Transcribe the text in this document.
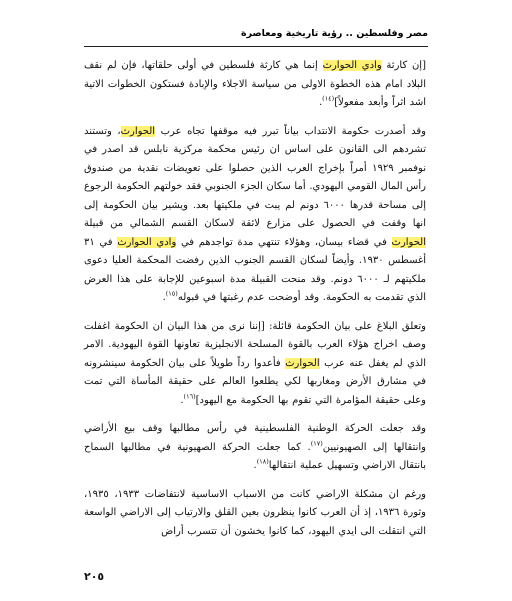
مصر وفلسطين .. رؤية تاريخية ومعاصرة

[إن كارثة وادي الحوارث إنما هي كارثة فلسطين في أولى حلقاتها، فإن لم نقف البلاد امام هذه الخطوة الاولى من سياسة الاجلاء والإبادة فستكون الخطوات الاتية اشد اثراً وأبعد مفعولاً]$^{(١٤)}$.

وقد أصدرت حكومة الانتداب بياناً تبرر فيه موقفها تجاه عرب الحوارث، وتستند تشردهم الى القانون على اساس ان رئيس محكمة مركزية نابلس قد اصدر في نوفمبر ١٩٢٩ أمراً بإخراج العرب الذين حصلوا على تعويضات نقدية من صندوق رأس المال القومي اليهودي. أما سكان الجزء الجنوبي فقد خولتهم الحكومة الرجوع إلى مساحة قدرها ٦٠٠٠ دونم لم يبت في ملكيتها بعد. ويشير بيان الحكومة إلى انها وقفت في الحصول على مزارع لائقة لاسكان القسم الشمالي من قبيلة الحوارث في قضاء بيسان، وهؤلاء تنتهي مدة تواجدهم في وادي الحوارث في ٣١ أغسطس ١٩٣٠. وأيضاً لسكان القسم الجنوب الذين رفضت المحكمة العليا دعوى ملكيتهم لـ ٦٠٠٠ دونم. وقد منحت القبيلة مدة اسبوعين للإجابة على هذا العرض الذي تقدمت به الحكومة. وقد أوضحت عدم رغبتها في قبوله$^{(١٥)}$.

وتعلق البلاغ على بيان الحكومة قائلة: [إننا نرى من هذا البيان ان الحكومة اغفلت وصف اخراج هؤلاء العرب بالقوة المسلحة الانجليزية تعاونها القوة اليهودية. الامر الذي لم يغفل عنه عرب الحوارث فأعدوا رداً طويلاً على بيان الحكومة سينشرونه في مشارق الأرض ومغاربها لكي يطلعوا العالم على حقيقة المأساة التي تمت وعلى حقيقة المؤامرة التي تقوم بها الحكومة مع اليهود]$^{(١٦)}$.

وقد جعلت الحركة الوطنية الفلسطينية في رأس مطالبها وقف بيع الأراضي وانتقالها إلى الصهيونيين$^{(١٧)}$. كما جعلت الحركة الصهيونية في مطالبها السماح بانتقال الاراضي وتسهيل عملية انتقالها$^{(١٨)}$.

ورغم ان مشكلة الاراضي كانت من الاسباب الاساسية لانتفاضات ١٩٣٣، ١٩٣٥، وثورة ١٩٣٦، إذ أن العرب كانوا ينظرون بعين القلق والارتياب إلى الاراضي الواسعة التي انتقلت الى ايدي اليهود، كما كانوا يخشون أن تتسرب أراض

٢٠٥
